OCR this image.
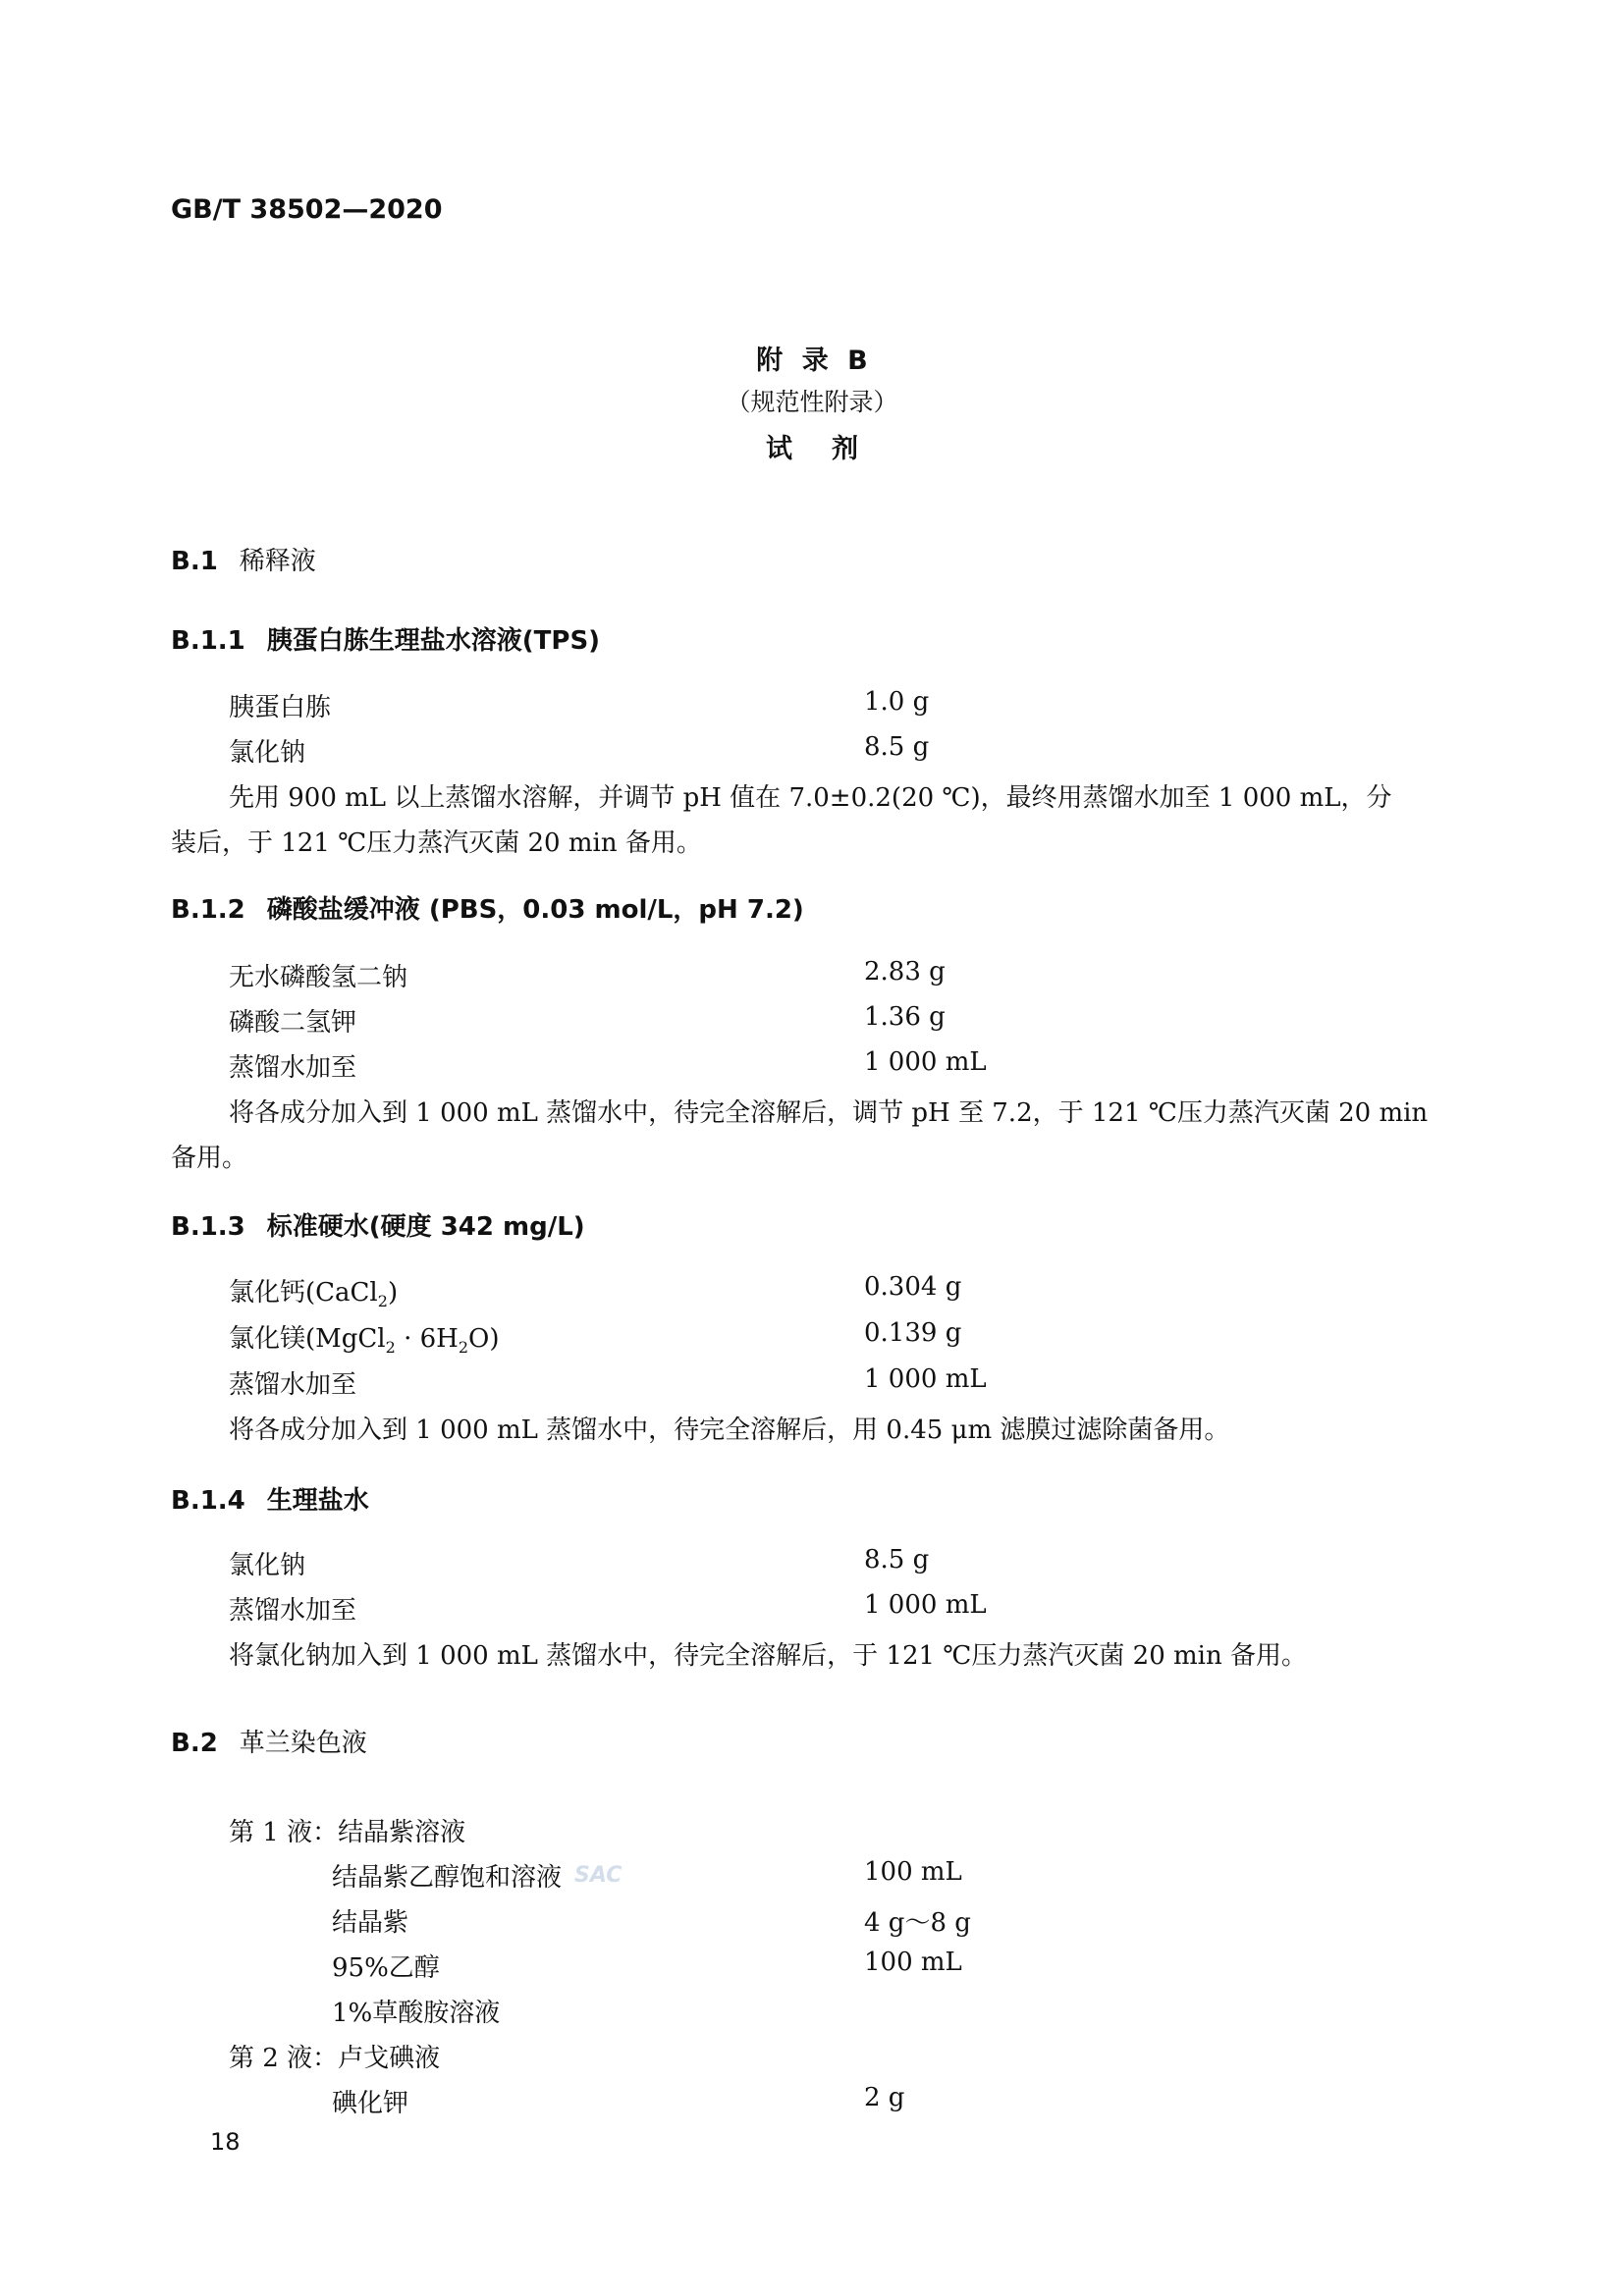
GB/T 38502—2020
附 录 B
（规范性附录）
试剂
B.1 稀释液
B.1.1 胰蛋白胨生理盐水溶液(TPS)
胰蛋白胨	1.0 g
氯化钠	8.5 g
先用 900 mL 以上蒸馏水溶解，并调节 pH 值在 7.0±0.2(20 ℃)，最终用蒸馏水加至 1 000 mL，分
装后，于 121 ℃压力蒸汽灭菌 20 min 备用。
B.1.2 磷酸盐缓冲液 (PBS，0.03 mol/L，pH 7.2)
无水磷酸氢二钠	2.83 g
磷酸二氢钾	1.36 g
蒸馏水加至	1 000 mL
将各成分加入到 1 000 mL 蒸馏水中，待完全溶解后，调节 pH 至 7.2，于 121 ℃压力蒸汽灭菌 20 min
备用。
B.1.3 标准硬水(硬度 342 mg/L)
氯化钙(CaCl$_2$)	0.304 g
氯化镁(MgCl$_2$ · $6H_2O$)	0.139 g
蒸馏水加至	1 000 mL
将各成分加入到 1 000 mL 蒸馏水中，待完全溶解后，用 0.45 μm 滤膜过滤除菌备用。
B.1.4 生理盐水
氯化钠	8.5 g
蒸馏水加至	1 000 mL
将氯化钠加入到 1 000 mL 蒸馏水中，待完全溶解后，于 121 ℃压力蒸汽灭菌 20 min 备用。
B.2 革兰染色液
第 1 液：结晶紫溶液
结晶紫乙醇饱和溶液	100 mL
结晶紫	4 g～8 g
95%乙醇	100 mL
1%草酸胺溶液
第 2 液：卢戈碘液
碘化钾	2 g
SAC
18
